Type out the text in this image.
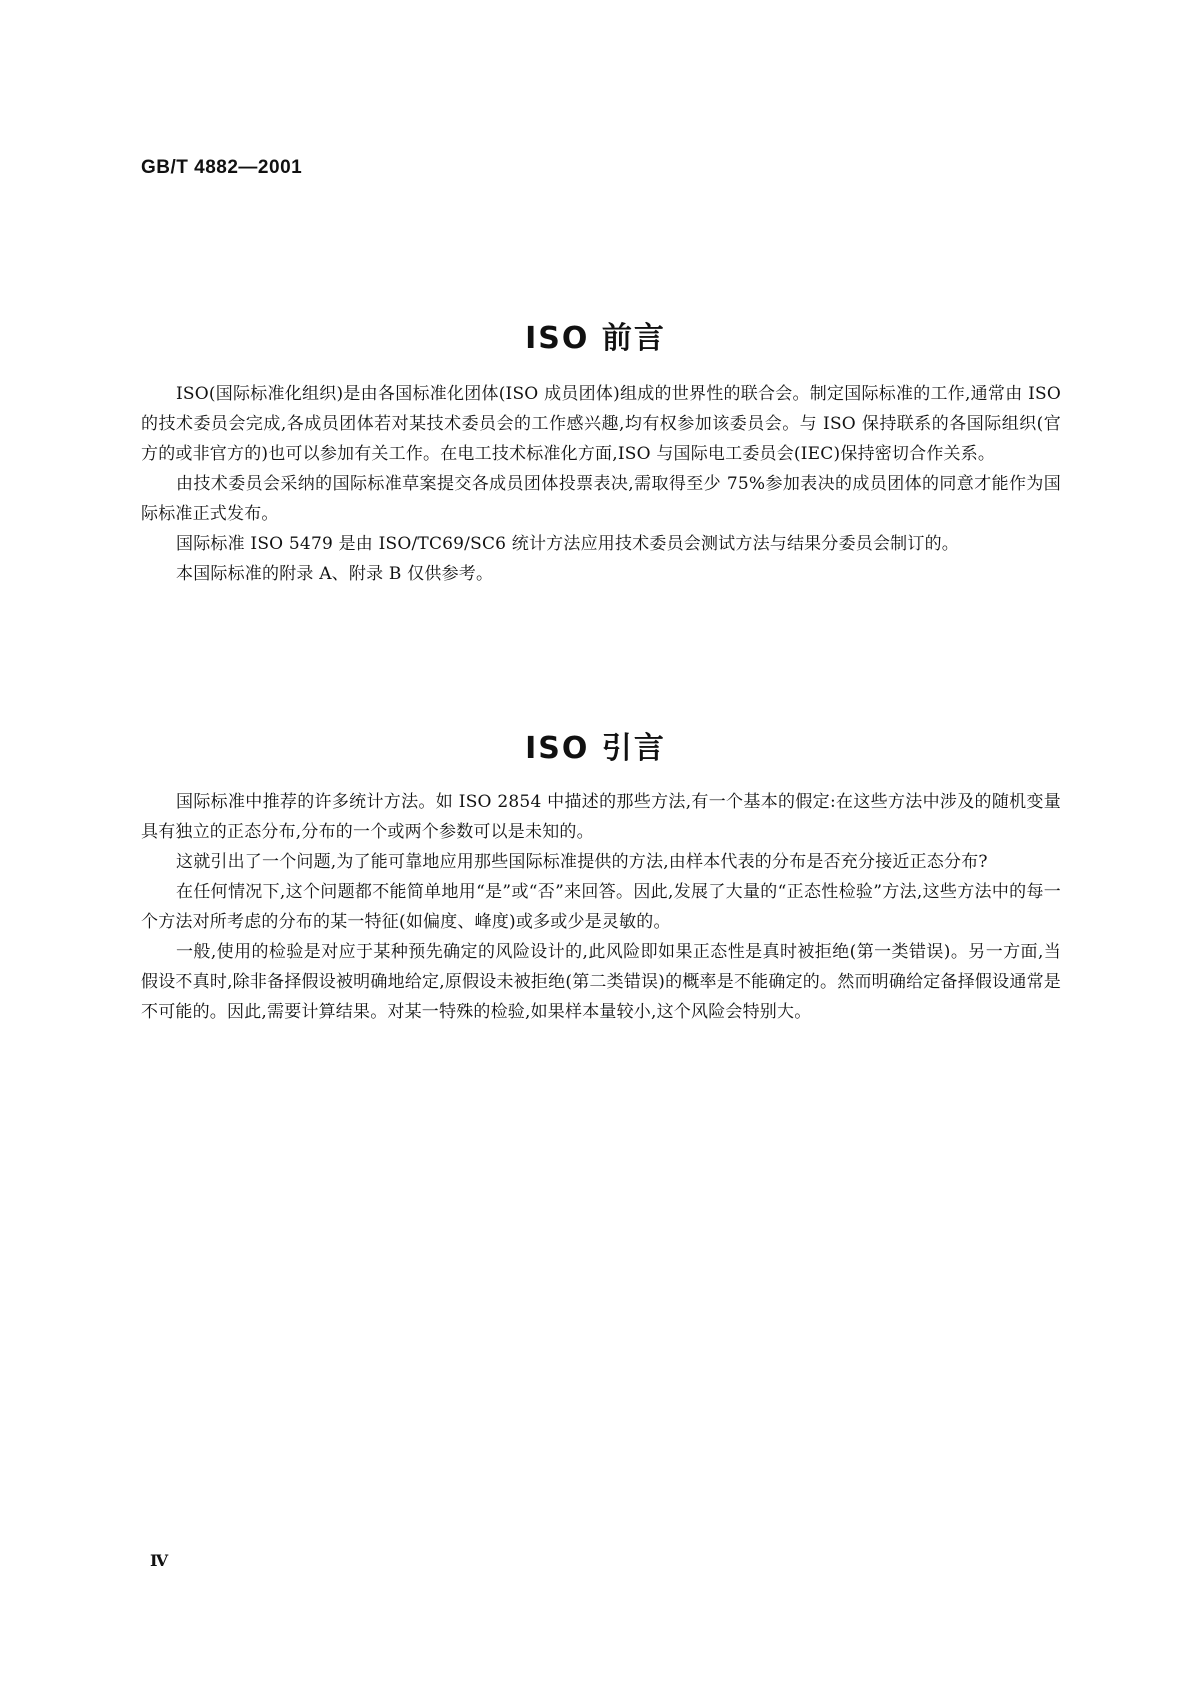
GB/T 4882—2001
ISO 前言

ISO(国际标准化组织)是由各国标准化团体(ISO 成员团体)组成的世界性的联合会。制定国际标准的工作,通常由 ISO 的技术委员会完成,各成员团体若对某技术委员会的工作感兴趣,均有权参加该委员会。与 ISO 保持联系的各国际组织(官方的或非官方的)也可以参加有关工作。在电工技术标准化方面,ISO 与国际电工委员会(IEC)保持密切合作关系。

由技术委员会采纳的国际标准草案提交各成员团体投票表决,需取得至少 75%参加表决的成员团体的同意才能作为国际标准正式发布。

国际标准 ISO 5479 是由 ISO/TC69/SC6 统计方法应用技术委员会测试方法与结果分委员会制订的。

本国际标准的附录 A、附录 B 仅供参考。

ISO 引言

国际标准中推荐的许多统计方法。如 ISO 2854 中描述的那些方法,有一个基本的假定:在这些方法中涉及的随机变量具有独立的正态分布,分布的一个或两个参数可以是未知的。

这就引出了一个问题,为了能可靠地应用那些国际标准提供的方法,由样本代表的分布是否充分接近正态分布?

在任何情况下,这个问题都不能简单地用“是”或“否”来回答。因此,发展了大量的“正态性检验”方法,这些方法中的每一个方法对所考虑的分布的某一特征(如偏度、峰度)或多或少是灵敏的。

一般,使用的检验是对应于某种预先确定的风险设计的,此风险即如果正态性是真时被拒绝(第一类错误)。另一方面,当假设不真时,除非备择假设被明确地给定,原假设未被拒绝(第二类错误)的概率是不能确定的。然而明确给定备择假设通常是不可能的。因此,需要计算结果。对某一特殊的检验,如果样本量较小,这个风险会特别大。

Ⅳ
